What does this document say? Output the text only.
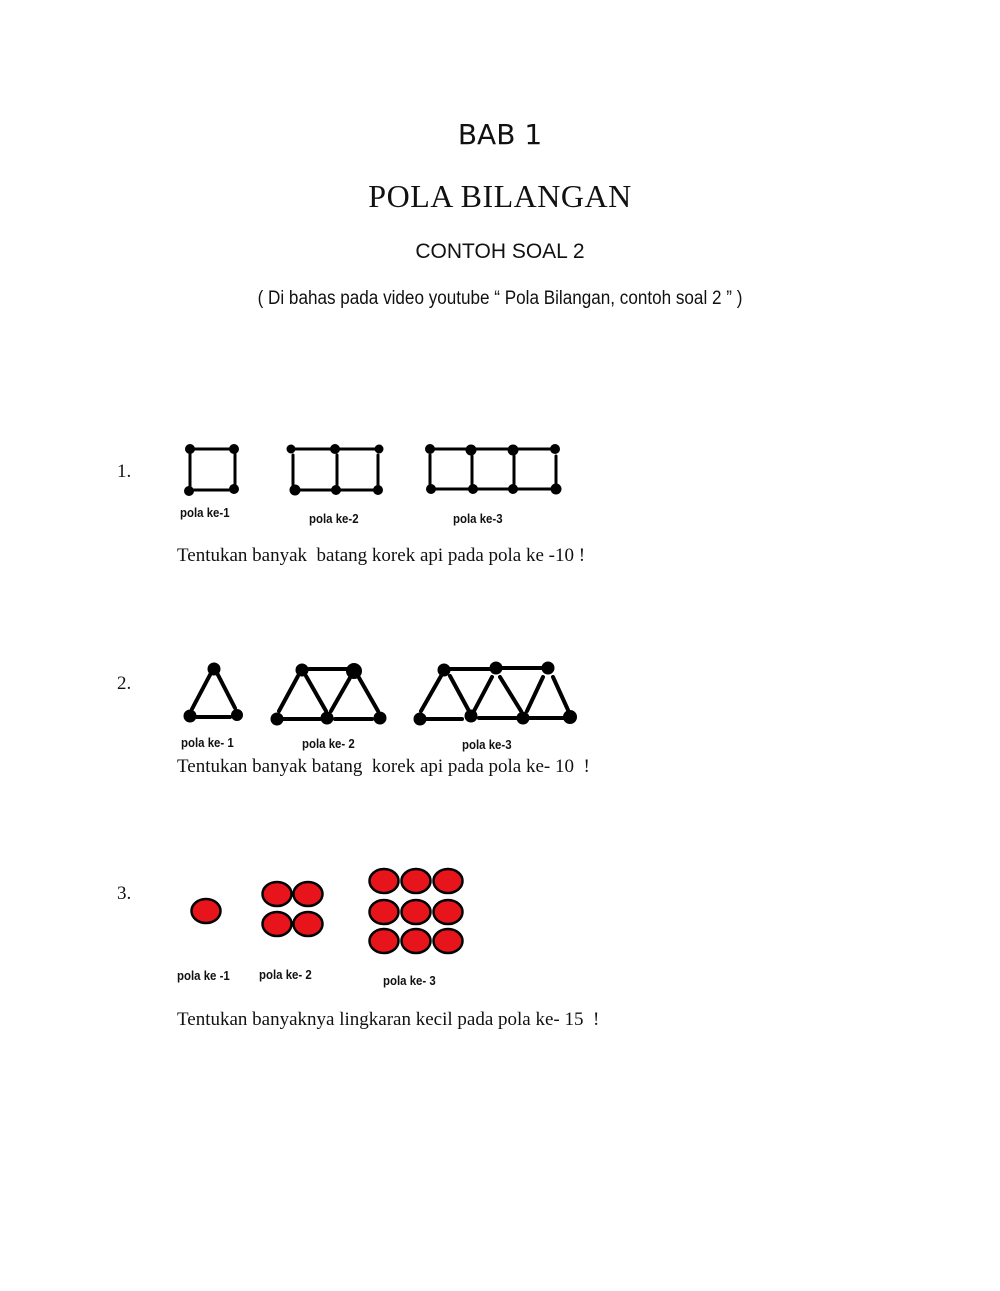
BAB 1
POLA BILANGAN
CONTOH SOAL 2
( Di bahas pada video youtube “ Pola Bilangan, contoh soal 2 ” )
1.
pola ke-1	pola ke-2	pola ke-3
Tentukan banyak  batang korek api pada pola ke -10 !
2.
pola ke- 1	pola ke- 2	pola ke-3
Tentukan banyak batang  korek api pada pola ke- 10  !
3.
pola ke -1 pola ke- 2	pola ke- 3
Tentukan banyaknya lingkaran kecil pada pola ke- 15  !
